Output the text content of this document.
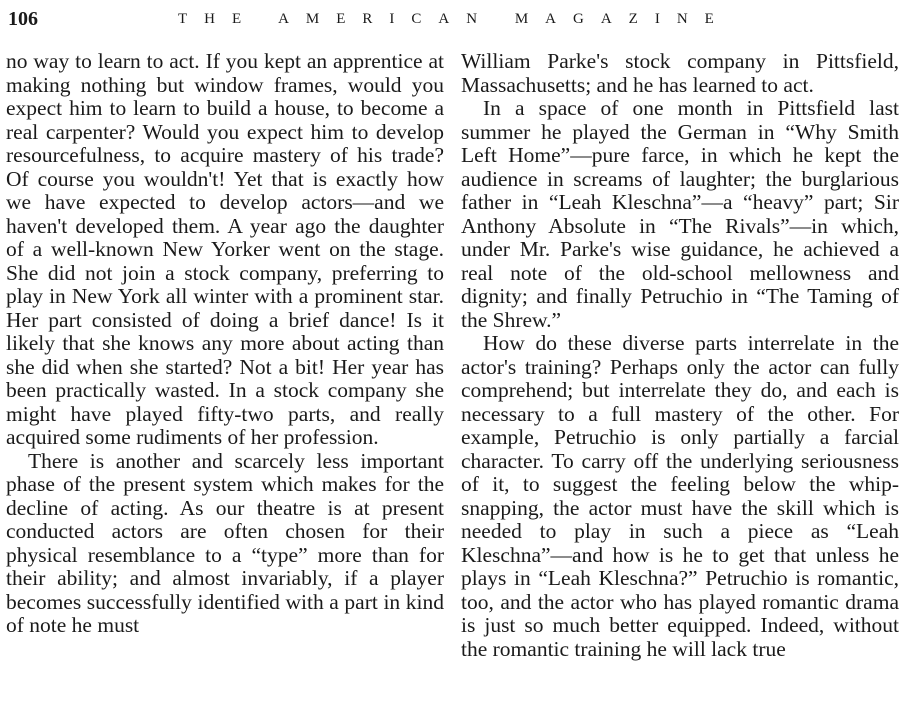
106	THE AMERICAN MAGAZINE

no way to learn to act. If you kept an apprentice at making nothing but window frames, would you expect him to learn to build a house, to become a real carpenter? Would you expect him to develop resourcefulness, to acquire mastery of his trade? Of course you wouldn't! Yet that is exactly how we have expected to develop actors—and we haven't developed them. A year ago the daughter of a well-known New Yorker went on the stage. She did not join a stock company, preferring to play in New York all winter with a prominent star. Her part consisted of doing a brief dance! Is it likely that she knows any more about acting than she did when she started? Not a bit! Her year has been practically wasted. In a stock company she might have played fifty-two parts, and really acquired some rudiments of her profession.

There is another and scarcely less important phase of the present system which makes for the decline of acting. As our theatre is at present conducted actors are often chosen for their physical resemblance to a “type” more than for their ability; and almost invariably, if a player becomes successfully identified with a part in kind of note he must

William Parke's stock company in Pittsfield, Massachusetts; and he has learned to act.

In a space of one month in Pittsfield last summer he played the German in “Why Smith Left Home”—pure farce, in which he kept the audience in screams of laughter; the burglarious father in “Leah Kleschna”—a “heavy” part; Sir Anthony Absolute in “The Rivals”—in which, under Mr. Parke's wise guidance, he achieved a real note of the old-school mellowness and dignity; and finally Petruchio in “The Taming of the Shrew.”

How do these diverse parts interrelate in the actor's training? Perhaps only the actor can fully comprehend; but interrelate they do, and each is necessary to a full mastery of the other. For example, Petruchio is only partially a farcial character. To carry off the underlying seriousness of it, to suggest the feeling below the whip-snapping, the actor must have the skill which is needed to play in such a piece as “Leah Kleschna”—and how is he to get that unless he plays in “Leah Kleschna?” Petruchio is romantic, too, and the actor who has played romantic drama is just so much better equipped. Indeed, without the romantic training he will lack true
